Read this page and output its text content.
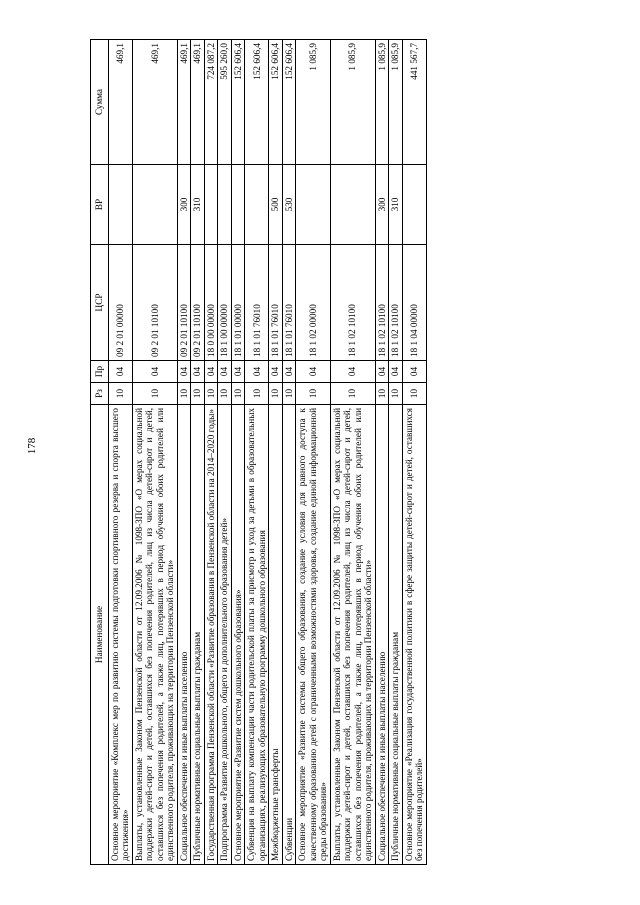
178
Наименование	Рз	Пр	ЦСР	ВР	Сумма
Основное мероприятие «Комплекс мер по развитию системы подготовки спортивного резерва и спорта высшего достижения»	10	04	09 2 01 00000		469,1
Выплаты, установленные Законом Пензенской области от 12.09.2006 № 1098-ЗПО «О мерах социальной поддержки детей-сирот и детей, оставшихся без попечения родителей, лиц из числа детей-сирот и детей, оставшихся без попечения родителей, а также лиц, потерявших в период обучения обоих родителей или единственного родителя, проживающих на территории Пензенской области»	10	04	09 2 01 10100		469,1
Социальное обеспечение и иные выплаты населению	10	04	09 2 01 10100	300	469,1
Публичные нормативные социальные выплаты гражданам	10	04	09 2 01 10100	310	469,1
Государственная программа Пензенской области «Развитие образования в Пензенской области на 2014–2020 годы»	10	04	18 0 00 00000		724 087,2
Подпрограмма «Развитие дошкольного, общего и дополнительного образования детей»	10	04	18 1 00 00000		595 260,0
Основное мероприятие «Развитие систем дошкольного образования»	10	04	18 1 01 00000		152 606,4
Субвенция на выплату компенсации части родительской платы за присмотр и уход за детьми в образовательных организациях, реализующих образовательную программу дошкольного образования	10	04	18 1 01 76010		152 606,4
Межбюджетные трансферты	10	04	18 1 01 76010	500	152 606,4
Субвенции	10	04	18 1 01 76010	530	152 606,4
Основное мероприятие «Развитие системы общего образования, создание условия для равного доступа к качественному образованию детей с ограниченными возможностями здоровья, создание единой информационной среды образования»	10	04	18 1 02 00000		1 085,9
Выплаты, установленные Законом Пензенской области от 12.09.2006 № 1098-ЗПО «О мерах социальной поддержки детей-сирот и детей, оставшихся без попечения родителей, лиц из числа детей-сирот и детей, оставшихся без попечения родителей, а также лиц, потерявших в период обучения обоих родителей или единственного родителя, проживающих на территории Пензенской области»	10	04	18 1 02 10100		1 085,9
Социальное обеспечение и иные выплаты населению	10	04	18 1 02 10100	300	1 085,9
Публичные нормативные социальные выплаты гражданам	10	04	18 1 02 10100	310	1 085,9
Основное мероприятие «Реализация государственной политики в сфере защиты детей-сирот и детей, оставшихся без попечения родителей»	10	04	18 1 04 00000		441 567,7
